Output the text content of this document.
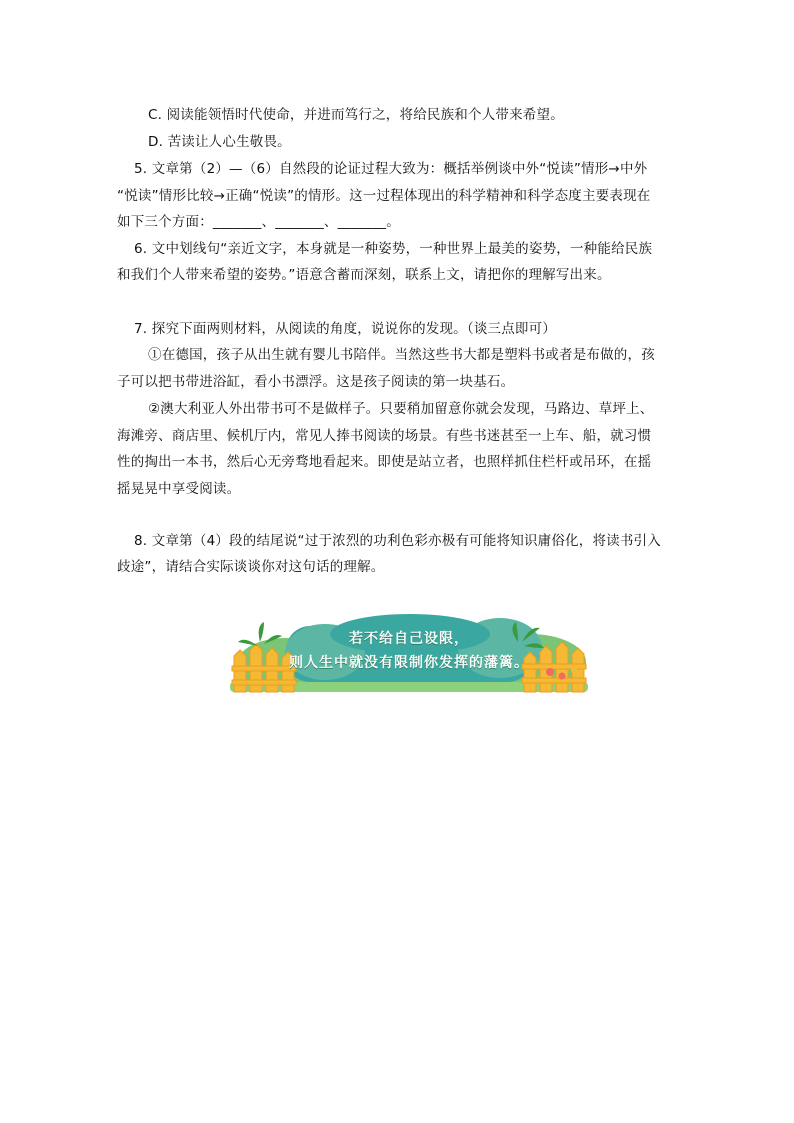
C. 阅读能领悟时代使命，并进而笃行之，将给民族和个人带来希望。
D. 苦读让人心生敬畏。
5. 文章第（2）—（6）自然段的论证过程大致为：概括举例谈中外“悦读”情形→中外
“悦读”情形比较→正确“悦读”的情形。这一过程体现出的科学精神和科学态度主要表现在
如下三个方面：_______、_______、_______。
6. 文中划线句“亲近文字，本身就是一种姿势，一种世界上最美的姿势，一种能给民族
和我们个人带来希望的姿势。”语意含蓄而深刻，联系上文，请把你的理解写出来。
7. 探究下面两则材料，从阅读的角度，说说你的发现。（谈三点即可）
①在德国，孩子从出生就有婴儿书陪伴。当然这些书大都是塑料书或者是布做的，孩
子可以把书带进浴缸，看小书漂浮。这是孩子阅读的第一块基石。
②澳大利亚人外出带书可不是做样子。只要稍加留意你就会发现，马路边、草坪上、
海滩旁、商店里、候机厅内，常见人捧书阅读的场景。有些书迷甚至一上车、船，就习惯
性的掏出一本书，然后心无旁骛地看起来。即使是站立者，也照样抓住栏杆或吊环，在摇
摇晃晃中享受阅读。
8. 文章第（4）段的结尾说“过于浓烈的功利色彩亦极有可能将知识庸俗化，将读书引入
歧途”，请结合实际谈谈你对这句话的理解。
若不给自己设限，
则人生中就没有限制你发挥的藩篱。
